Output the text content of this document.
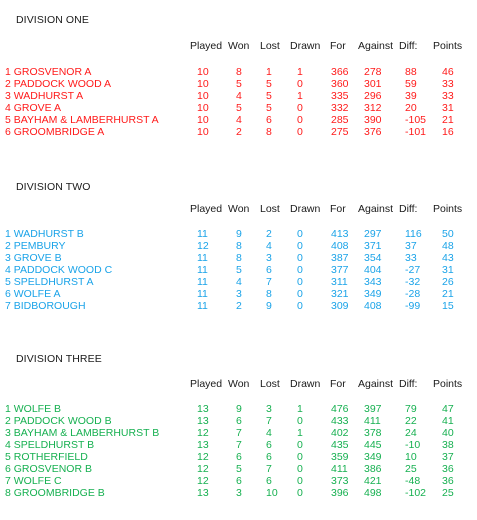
DIVISION ONE
Played Won Lost Drawn For Against Diff: Points
1 GROSVENOR A	10	8 1 1	366 278 88	46
2 PADDOCK WOOD A	10	5 5 0	360 301 59	33
3 WADHURST A	10	4 5 1	335 296 39	33
4 GROVE A	10	5 5 0	332 312 20	31
5 BAYHAM & LAMBERHURST A	10	4 6 0	285 390 -105	21
6 GROOMBRIDGE A	10	2 8 0	275 376 -101	16
DIVISION TWO
Played Won Lost Drawn For Against Diff: Points
1 WADHURST B	11	9 2 0	413 297 116	50
2 PEMBURY	12	8 4 0	408 371 37	48
3 GROVE B	11	8 3 0	387 354 33	43
4 PADDOCK WOOD C	11	5 6 0	377 404 -27	31
5 SPELDHURST A	11	4 7 0	311 343 -32	26
6 WOLFE A	11	3 8 0	321 349 -28	21
7 BIDBOROUGH	11	2 9 0	309 408 -99	15
DIVISION THREE
Played Won Lost Drawn For Against Diff: Points
1 WOLFE B	13	9 3 1	476 397 79	47
2 PADDOCK WOOD B	13	6 7 0	433 411 22	41
3 BAYHAM & LAMBERHURST B	12	7 4 1	402 378 24	40
4 SPELDHURST B	13	7 6 0	435 445 -10	38
5 ROTHERFIELD	12	6 6 0	359 349 10	37
6 GROSVENOR B	12	5 7 0	411 386 25	36
7 WOLFE C	12	6 6 0	373 421 -48	36
8 GROOMBRIDGE B	13	3 10 0	396 498 -102	25
